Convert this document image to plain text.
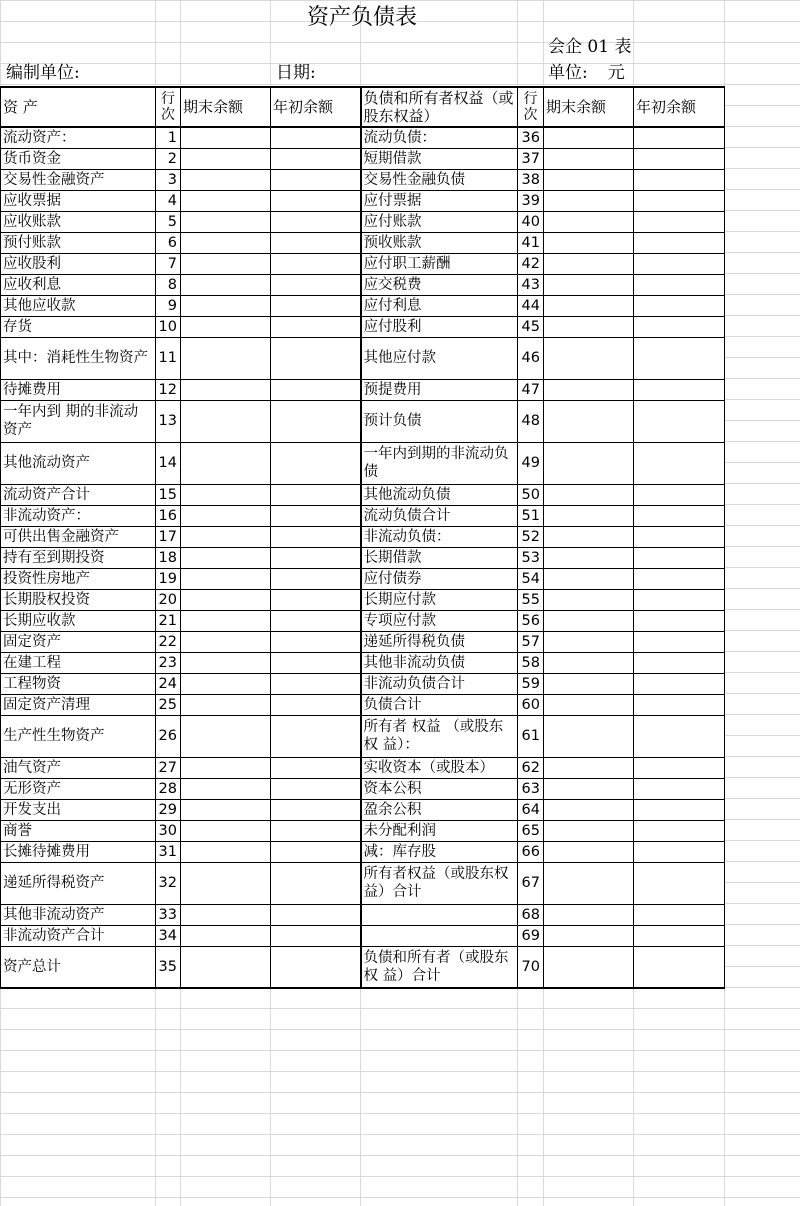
资产负债表
会企 01 表
编制单位:	日期:	单位: 元
资 产	行次	期末余额	年初余额	负债和所有者权益（或股东权益）	行次	期末余额	年初余额
流动资产：	1			流动负债：	36		
货币资金	2			短期借款	37		
交易性金融资产	3			交易性金融负债	38		
应收票据	4			应付票据	39		
应收账款	5			应付账款	40		
预付账款	6			预收账款	41		
应收股利	7			应付职工薪酬	42		
应收利息	8			应交税费	43		
其他应收款	9			应付利息	44		
存货	10			应付股利	45		
其中：消耗性生物资产	11			其他应付款	46		
待摊费用	12			预提费用	47		
一年内到 期的非流动 资产	13			预计负债	48		
其他流动资产	14			一年内到期的非流动负债	49		
流动资产合计	15			其他流动负债	50		
非流动资产：	16			流动负债合计	51		
可供出售金融资产	17			非流动负债：	52		
持有至到期投资	18			长期借款	53		
投资性房地产	19			应付债券	54		
长期股权投资	20			长期应付款	55		
长期应收款	21			专项应付款	56		
固定资产	22			递延所得税负债	57		
在建工程	23			其他非流动负债	58		
工程物资	24			非流动负债合计	59		
固定资产清理	25			负债合计	60		
生产性生物资产	26			所有者 权益 （或股东权 益）：	61		
油气资产	27			实收资本（或股本）	62		
无形资产	28			资本公积	63		
开发支出	29			盈余公积	64		
商誉	30			未分配利润	65		
长摊待摊费用	31			减：库存股	66		
递延所得税资产	32			所有者权益（或股东权 益）合计	67		
其他非流动资产	33				68		
非流动资产合计	34				69		
资产总计	35			负债和所有者（或股东权 益）合计	70		
